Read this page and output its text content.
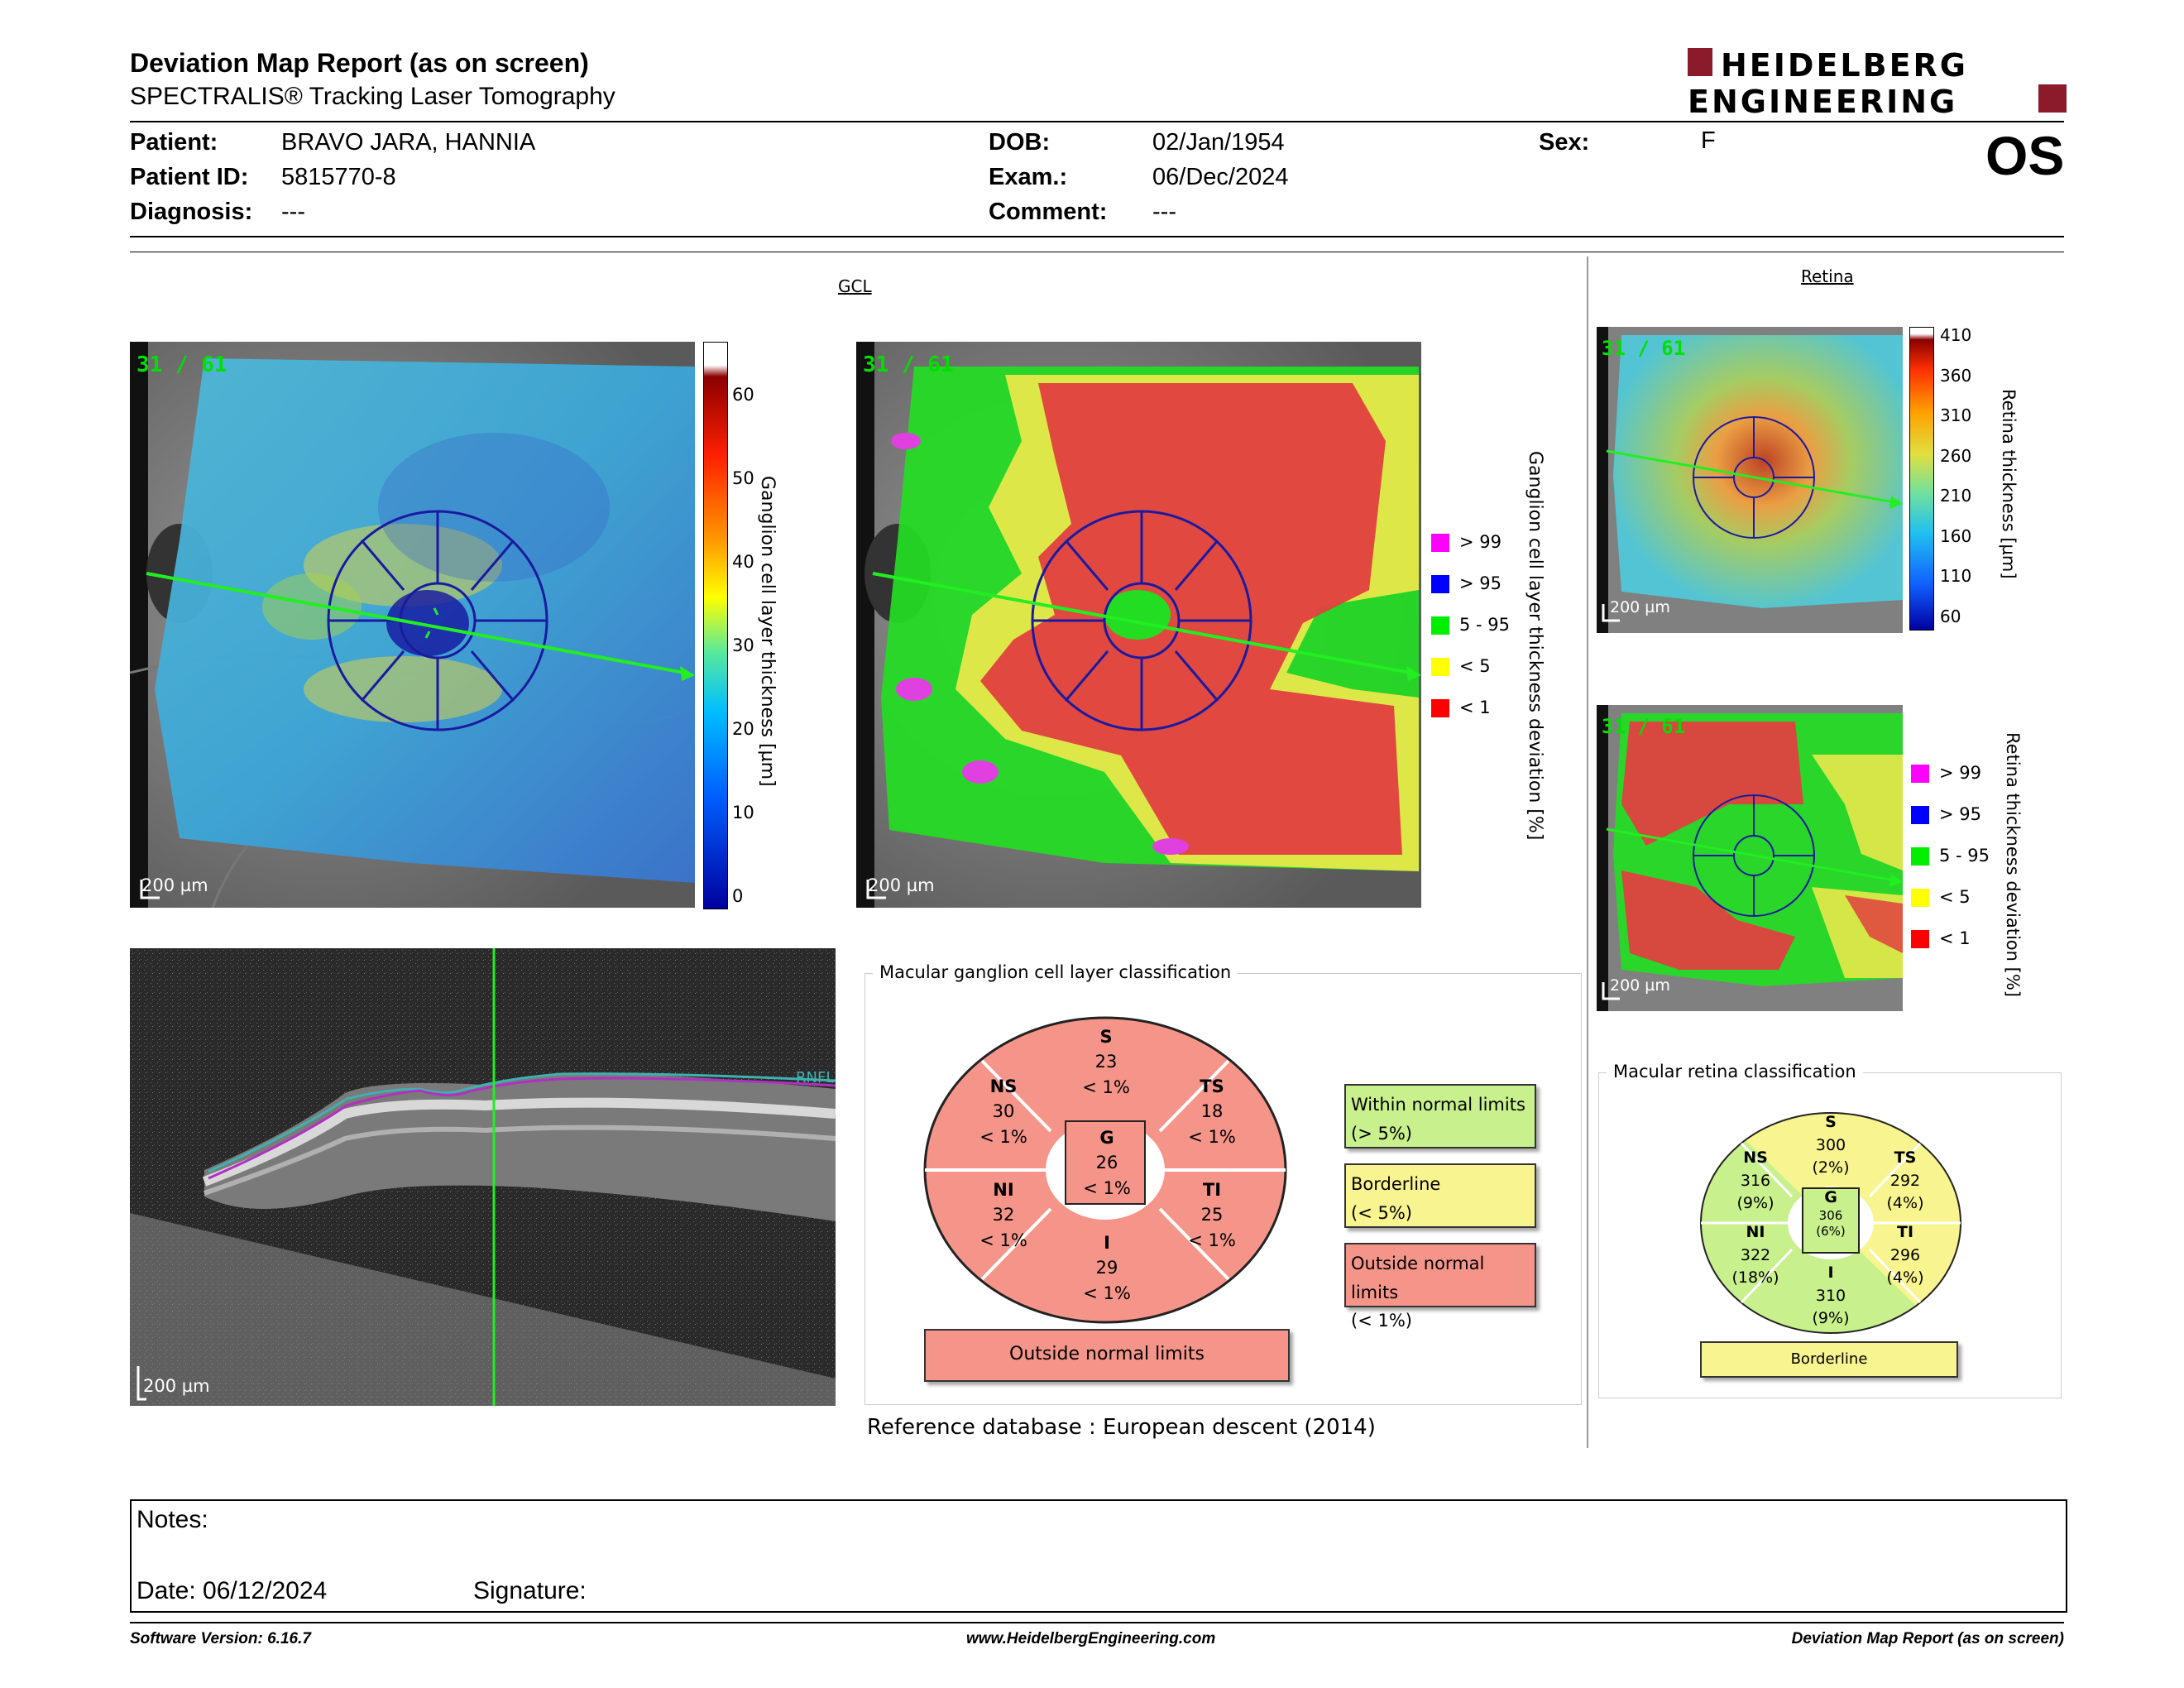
Deviation Map Report (as on screen)
SPECTRALIS® Tracking Laser Tomography
HEIDELBERG
ENGINEERING
Patient:	BRAVO JARA, HANNIA
Patient ID: 5815770-8
Diagnosis: ---
DOB:	02/Jan/1954
Exam.:	06/Dec/2024
Comment: ---
Sex:	F	OS
GCL	Retina
31 / 61
200 µm
60
50
40
30
20
10
0
Ganglion cell layer thickness [µm]
31 / 61
200 µm
> 99
> 95
5 - 95
< 5
< 1 Ganglion cell layer thickness deviation [%]
31 / 61
200 µm
410
360
310
260
210
160
110
60
Retina thickness [µm]
31 / 61
200 µm
> 99
> 95
5 - 95
< 5
< 1 Retina thickness deviation [%]
RNFL
200 µm
Macular ganglion cell layer classification
S
23
< 1%
NS
30
< 1%
TS
18
< 1%
G
26
< 1%
NI
32
< 1%
TI
25
< 1%
I
29
< 1%
Outside normal limits
Within normal limits
(> 5%)
Borderline
(< 5%)
Outside normal limits
(< 1%)
Reference database : European descent (2014)
Macular retina classification
S
300
(2%)
NS
316
(9%)
TS
292
(4%)
G
306
(6%)
NI
322
(18%)
TI
296
(4%)
I
310
(9%)
Borderline
Notes:
Date: 06/12/2024	Signature:
Software Version: 6.16.7	www.HeidelbergEngineering.com	Deviation Map Report (as on screen)
